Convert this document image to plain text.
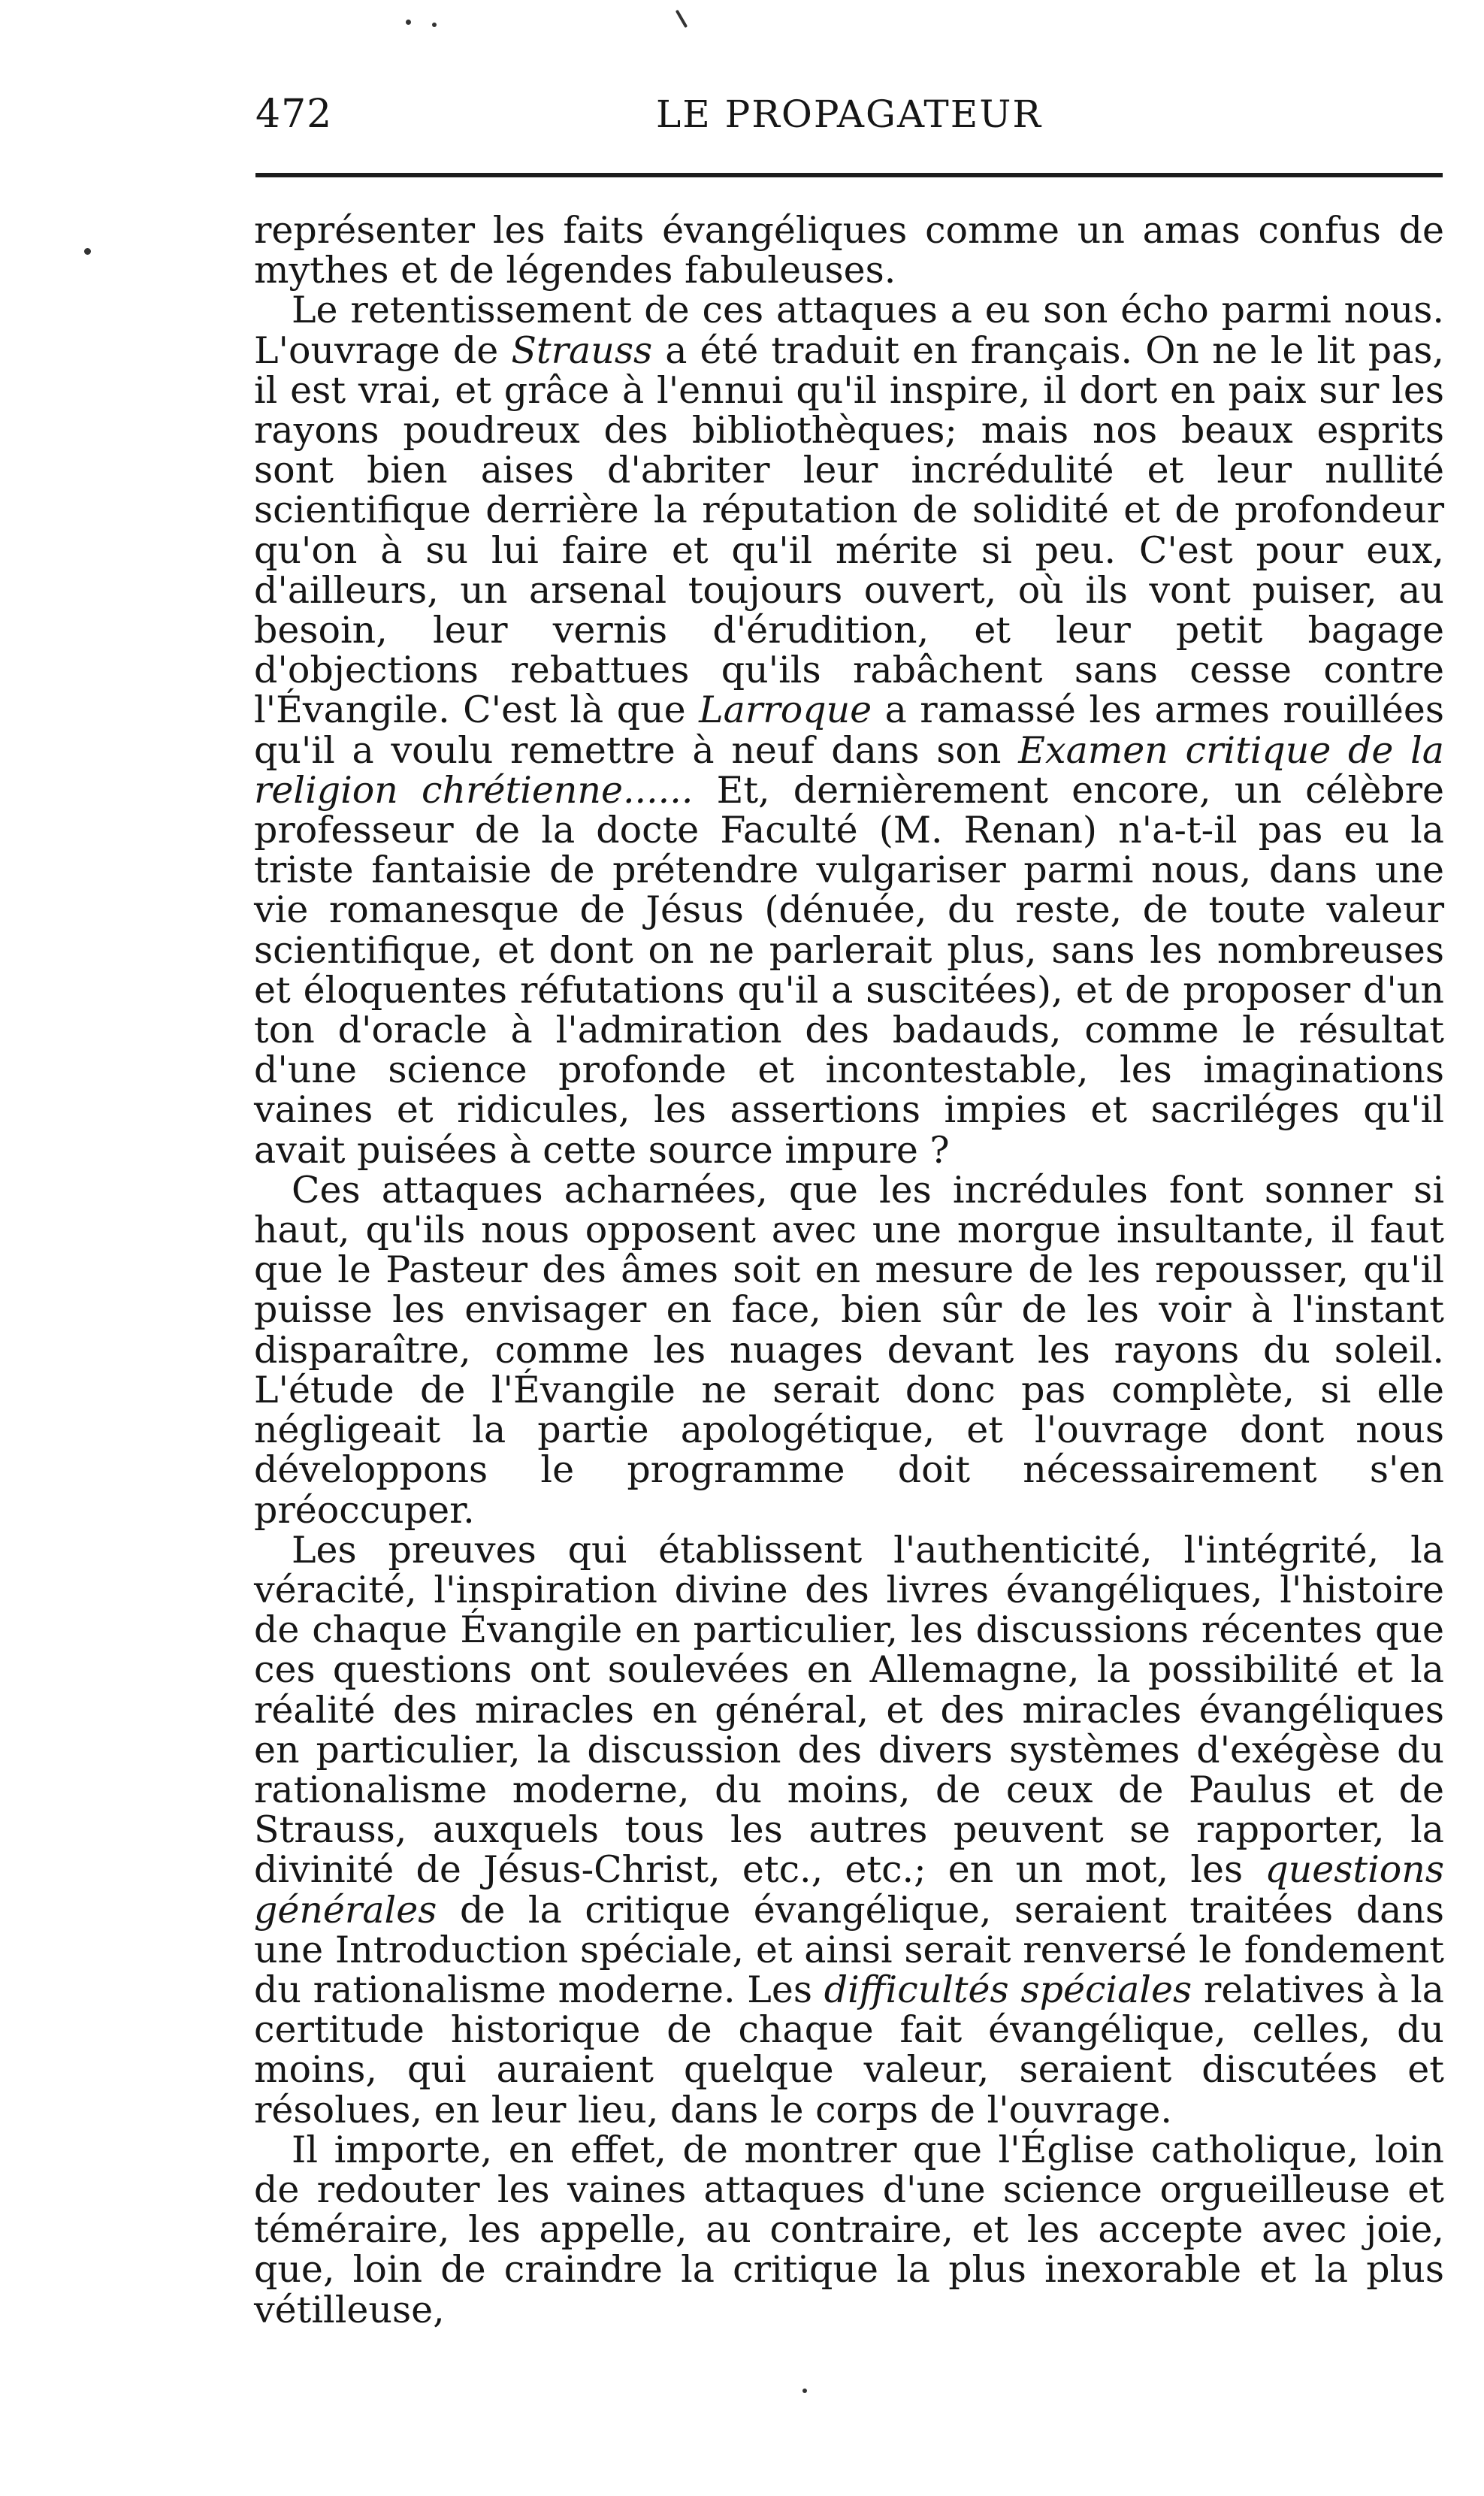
472	LE PROPAGATEUR

représenter les faits évangéliques comme un amas confus de mythes et de légendes fabuleuses.

Le retentissement de ces attaques a eu son écho parmi nous. L'ouvrage de Strauss a été traduit en français. On ne le lit pas, il est vrai, et grâce à l'ennui qu'il inspire, il dort en paix sur les rayons poudreux des bibliothèques; mais nos beaux esprits sont bien aises d'abriter leur incrédulité et leur nullité scientifique derrière la réputation de solidité et de profondeur qu'on à su lui faire et qu'il mérite si peu. C'est pour eux, d'ailleurs, un arsenal toujours ouvert, où ils vont puiser, au besoin, leur vernis d'érudition, et leur petit bagage d'objections rebattues qu'ils rabâchent sans cesse contre l'Évangile. C'est là que Larroque a ramassé les armes rouillées qu'il a voulu remettre à neuf dans son Examen critique de la religion chrétienne...... Et, dernièrement encore, un célèbre professeur de la docte Faculté (M. Renan) n'a-t-il pas eu la triste fantaisie de prétendre vulgariser parmi nous, dans une vie romanesque de Jésus (dénuée, du reste, de toute valeur scientifique, et dont on ne parlerait plus, sans les nombreuses et éloquentes réfutations qu'il a suscitées), et de proposer d'un ton d'oracle à l'admiration des badauds, comme le résultat d'une science profonde et incontestable, les imaginations vaines et ridicules, les assertions impies et sacriléges qu'il avait puisées à cette source impure ?

Ces attaques acharnées, que les incrédules font sonner si haut, qu'ils nous opposent avec une morgue insultante, il faut que le Pasteur des âmes soit en mesure de les repousser, qu'il puisse les envisager en face, bien sûr de les voir à l'instant disparaître, comme les nuages devant les rayons du soleil. L'étude de l'Évangile ne serait donc pas complète, si elle négligeait la partie apologétique, et l'ouvrage dont nous développons le programme doit nécessairement s'en préoccuper.

Les preuves qui établissent l'authenticité, l'intégrité, la véracité, l'inspiration divine des livres évangéliques, l'histoire de chaque Évangile en particulier, les discussions récentes que ces questions ont soulevées en Allemagne, la possibilité et la réalité des miracles en général, et des miracles évangéliques en particulier, la discussion des divers systèmes d'exégèse du rationalisme moderne, du moins, de ceux de Paulus et de Strauss, auxquels tous les autres peuvent se rapporter, la divinité de Jésus-Christ, etc., etc.; en un mot, les questions générales de la critique évangélique, seraient traitées dans une Introduction spéciale, et ainsi serait renversé le fondement du rationalisme moderne. Les difficultés spéciales relatives à la certitude historique de chaque fait évangélique, celles, du moins, qui auraient quelque valeur, seraient discutées et résolues, en leur lieu, dans le corps de l'ouvrage.

Il importe, en effet, de montrer que l'Église catholique, loin de redouter les vaines attaques d'une science orgueilleuse et téméraire, les appelle, au contraire, et les accepte avec joie, que, loin de craindre la critique la plus inexorable et la plus vétilleuse,
